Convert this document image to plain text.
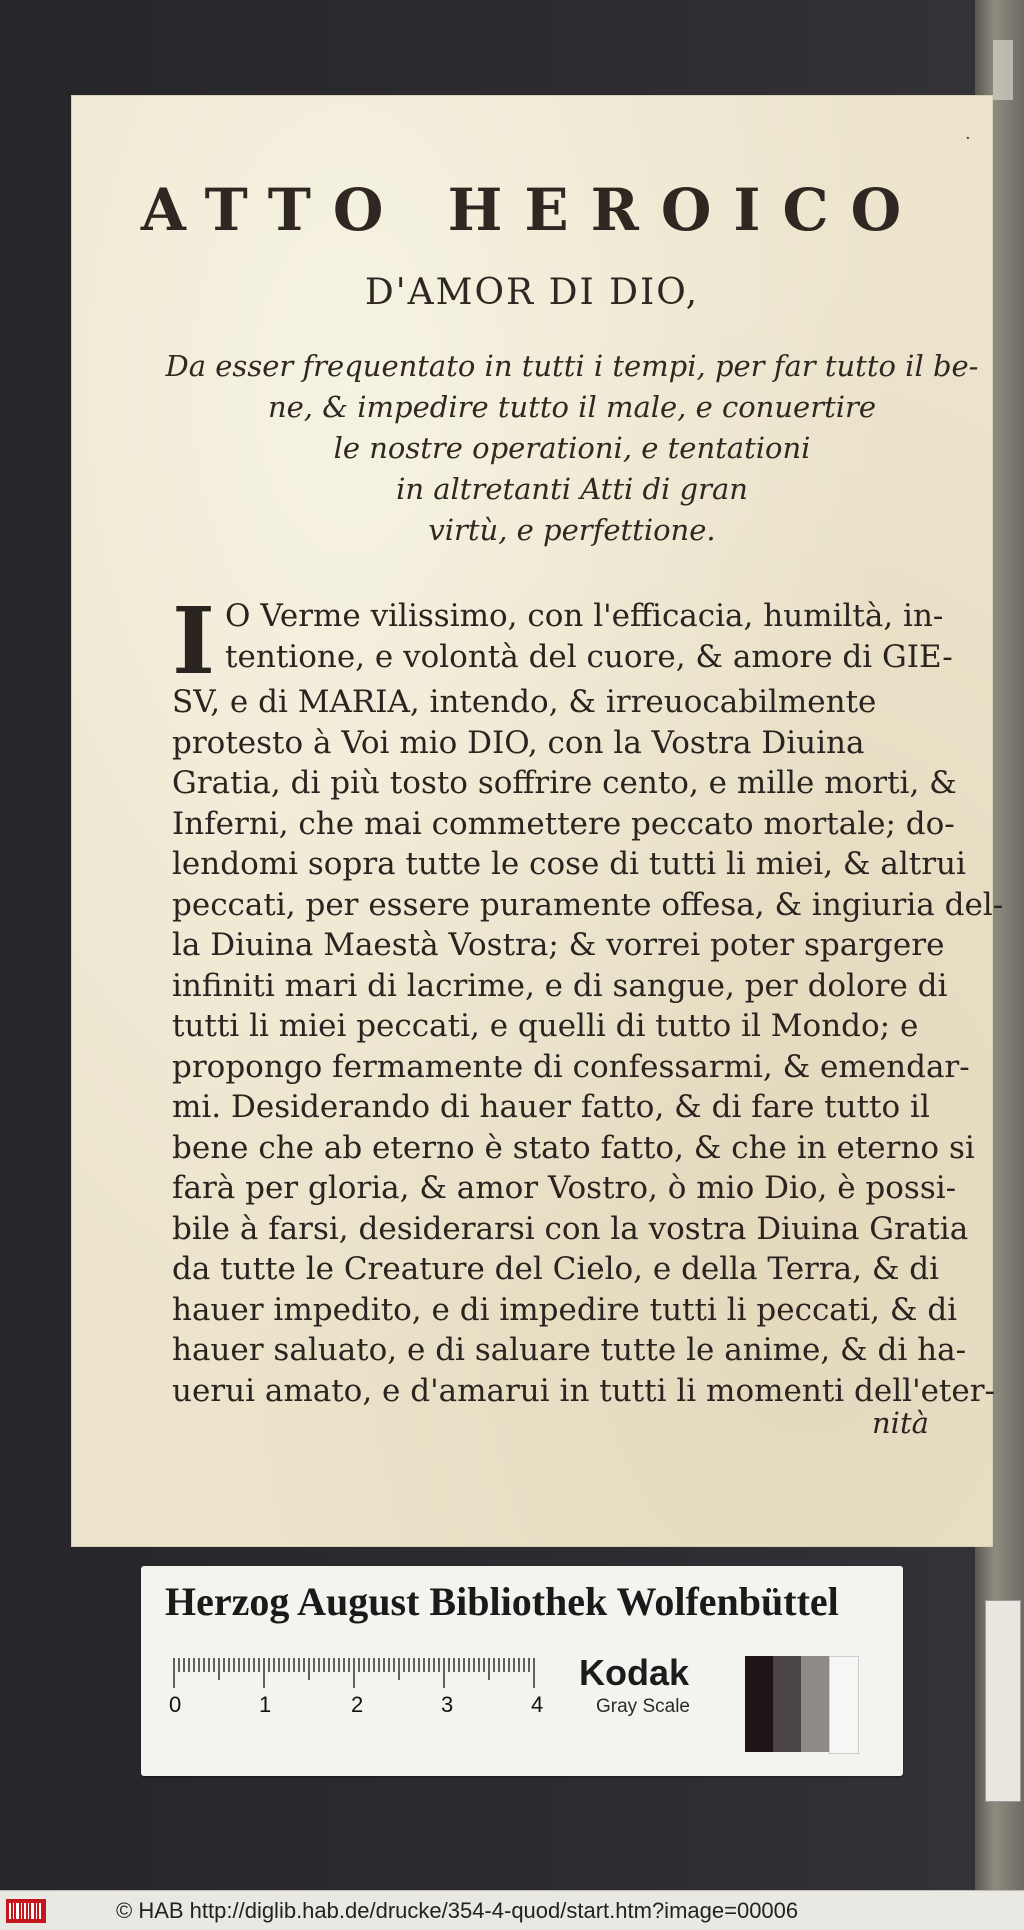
·
ATTO HEROICO
D'AMOR DI DIO,
Da esser frequentato in tutti i tempi, per far tutto il be-
ne, & impedire tutto il male, e conuertire
le nostre operationi, e tentationi
in altretanti Atti di gran
virtù, e perfettione.
I O Verme vilissimo, con l'efficacia, humiltà, in-
tentione, e volontà del cuore, & amore di GIE-
SV, e di MARIA, intendo, & irreuocabilmente
protesto à Voi mio DIO, con la Vostra Diuina
Gratia, di più tosto soffrire cento, e mille morti, &
Inferni, che mai commettere peccato mortale; do-
lendomi sopra tutte le cose di tutti li miei, & altrui
peccati, per essere puramente offesa, & ingiuria del-
la Diuina Maestà Vostra; & vorrei poter spargere
infiniti mari di lacrime, e di sangue, per dolore di
tutti li miei peccati, e quelli di tutto il Mondo; e
propongo fermamente di confessarmi, & emendar-
mi. Desiderando di hauer fatto, & di fare tutto il
bene che ab eterno è stato fatto, & che in eterno si
farà per gloria, & amor Vostro, ò mio Dio, è possi-
bile à farsi, desiderarsi con la vostra Diuina Gratia
da tutte le Creature del Cielo, e della Terra, & di
hauer impedito, e di impedire tutti li peccati, & di
hauer saluato, e di saluare tutte le anime, & di ha-
uerui amato, e d'amarui in tutti li momenti dell'eter-
nità
Herzog August Bibliothek Wolfenbüttel
0	1	2	3	4
Kodak
Gray Scale
© HAB http://diglib.hab.de/drucke/354-4-quod/start.htm?image=00006
